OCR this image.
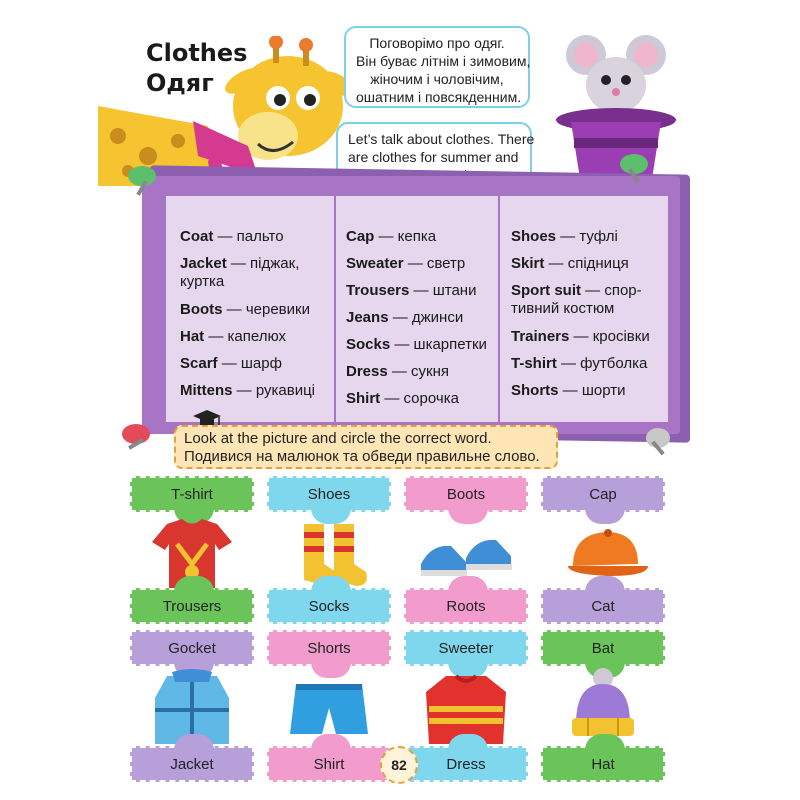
Clothes
Одяг
Поговорімо про одяг.
Він буває літнім і зимовим,
жіночим і чоловічим,
ошатним і повсякденним.
Let’s talk about clothes. There
are clothes for summer and
Coat — пальто
Jacket — піджак,
куртка
Boots — черевики
Hat — капелюх
Scarf — шарф
Mittens — рукавиці
Cap — кепка
Sweater — светр
Trousers — штани
Jeans — джинси
Socks — шкарпетки
Dress — сукня
Shirt — сорочка
Shoes — туфлі
Skirt — спідниця
Sport suit — спор-
тивний костюм
Trainers — кросівки
T-shirt — футболка
Shorts — шорти
Look at the picture and circle the correct word.
Подивися на малюнок та обведи правильне слово.
T-shirt	Shoes	Boots	Cap
Trousers	Socks	Roots	Cat
Gocket	Shorts	Sweeter	Bat
Jacket	Shirt	Dress	Hat
82
